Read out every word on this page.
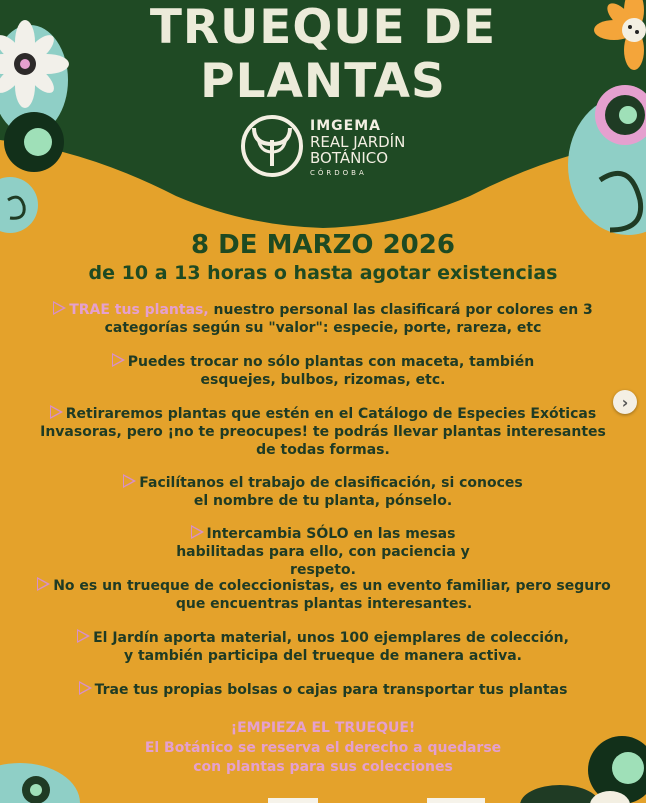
TRUEQUE DE
PLANTAS
IMGEMA
REAL JARDÍN
BOTÁNICO
CÓRDOBA
8 DE MARZO 2026
de 10 a 13 horas o hasta agotar existencias
TRAE tus plantas, nuestro personal las clasificará por colores en 3 categorías según su "valor": especie, porte, rareza, etc
Puedes trocar no sólo plantas con maceta, también esquejes, bulbos, rizomas, etc.
Retiraremos plantas que estén en el Catálogo de Especies Exóticas Invasoras, pero ¡no te preocupes! te podrás llevar plantas interesantes de todas formas.
Facilítanos el trabajo de clasificación, si conoces el nombre de tu planta, pónselo.
Intercambia SÓLO en las mesas habilitadas para ello, con paciencia y respeto.
No es un trueque de coleccionistas, es un evento familiar, pero seguro que encuentras plantas interesantes.
El Jardín aporta material, unos 100 ejemplares de colección, y también participa del trueque de manera activa.
Trae tus propias bolsas o cajas para transportar tus plantas
¡EMPIEZA EL TRUEQUE!
El Botánico se reserva el derecho a quedarse
con plantas para sus colecciones
›
